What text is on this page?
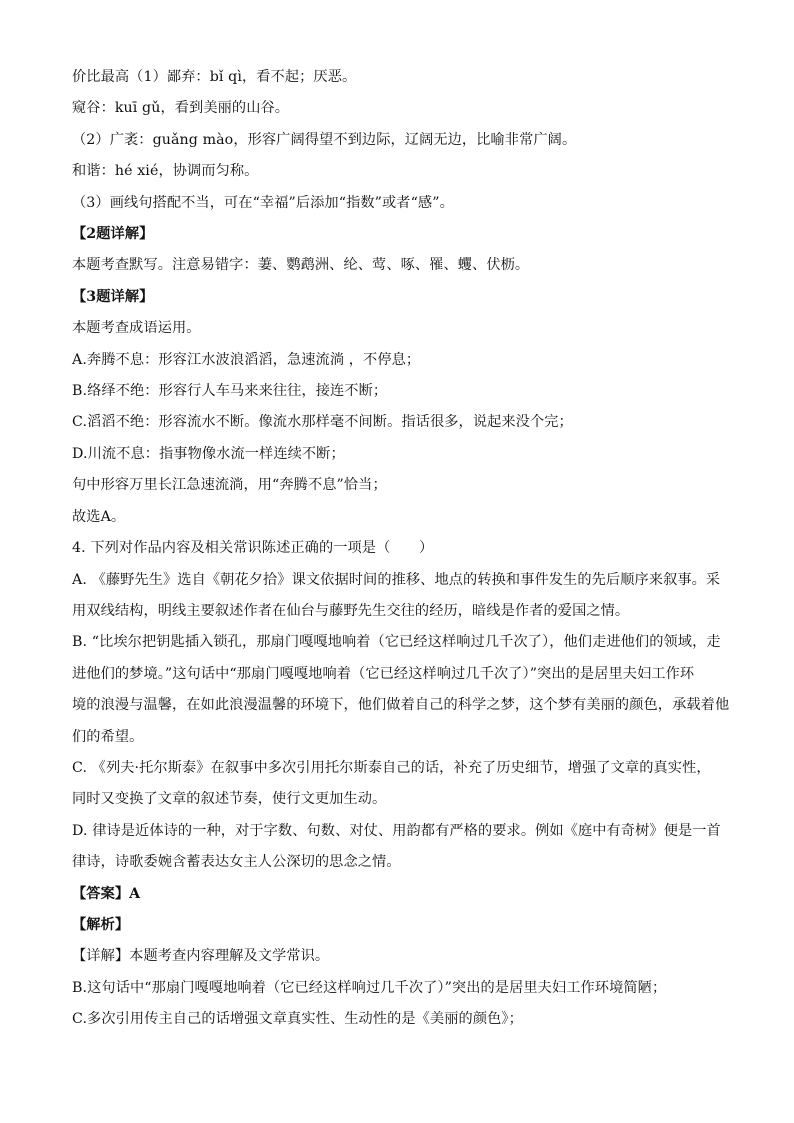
价比最高（1）鄙弃：bǐ qì，看不起；厌恶。
窥谷：kuī gǔ，看到美丽的山谷。
（2）广袤：guǎng mào，形容广阔得望不到边际，辽阔无边，比喻非常广阔。
和谐：hé xié，协调而匀称。
（3）画线句搭配不当，可在“幸福”后添加“指数”或者“感”。
【2题详解】
本题考查默写。注意易错字：萋、鹦鹉洲、纶、莺、啄、罹、蠼、伏枥。
【3题详解】
本题考查成语运用。
A.奔腾不息：形容江水波浪滔滔，急速流淌 ，不停息；
B.络绎不绝：形容行人车马来来往往，接连不断；
C.滔滔不绝：形容流水不断。像流水那样毫不间断。指话很多，说起来没个完；
D.川流不息：指事物像水流一样连续不断；
句中形容万里长江急速流淌，用“奔腾不息”恰当；
故选A。
4. 下列对作品内容及相关常识陈述正确的一项是（　　）
A. 《藤野先生》选自《朝花夕拾》课文依据时间的推移、地点的转换和事件发生的先后顺序来叙事。采
用双线结构，明线主要叙述作者在仙台与藤野先生交往的经历，暗线是作者的爱国之情。
B. “比埃尔把钥匙插入锁孔，那扇门嘎嘎地响着（它已经这样响过几千次了），他们走进他们的领域，走
进他们的梦境。”这句话中“那扇门嘎嘎地响着（它已经这样响过几千次了）”突出的是居里夫妇工作环
境的浪漫与温馨，在如此浪漫温馨的环境下，他们做着自己的科学之梦，这个梦有美丽的颜色，承载着他
们的希望。
C. 《列夫·托尔斯泰》在叙事中多次引用托尔斯泰自己的话，补充了历史细节，增强了文章的真实性，
同时又变换了文章的叙述节奏，使行文更加生动。
D. 律诗是近体诗的一种，对于字数、句数、对仗、用韵都有严格的要求。例如《庭中有奇树》便是一首
律诗，诗歌委婉含蓄表达女主人公深切的思念之情。
【答案】A
【解析】
【详解】本题考查内容理解及文学常识。
B.这句话中“那扇门嘎嘎地响着（它已经这样响过几千次了）”突出的是居里夫妇工作环境简陋；
C.多次引用传主自己的话增强文章真实性、生动性的是《美丽的颜色》；
